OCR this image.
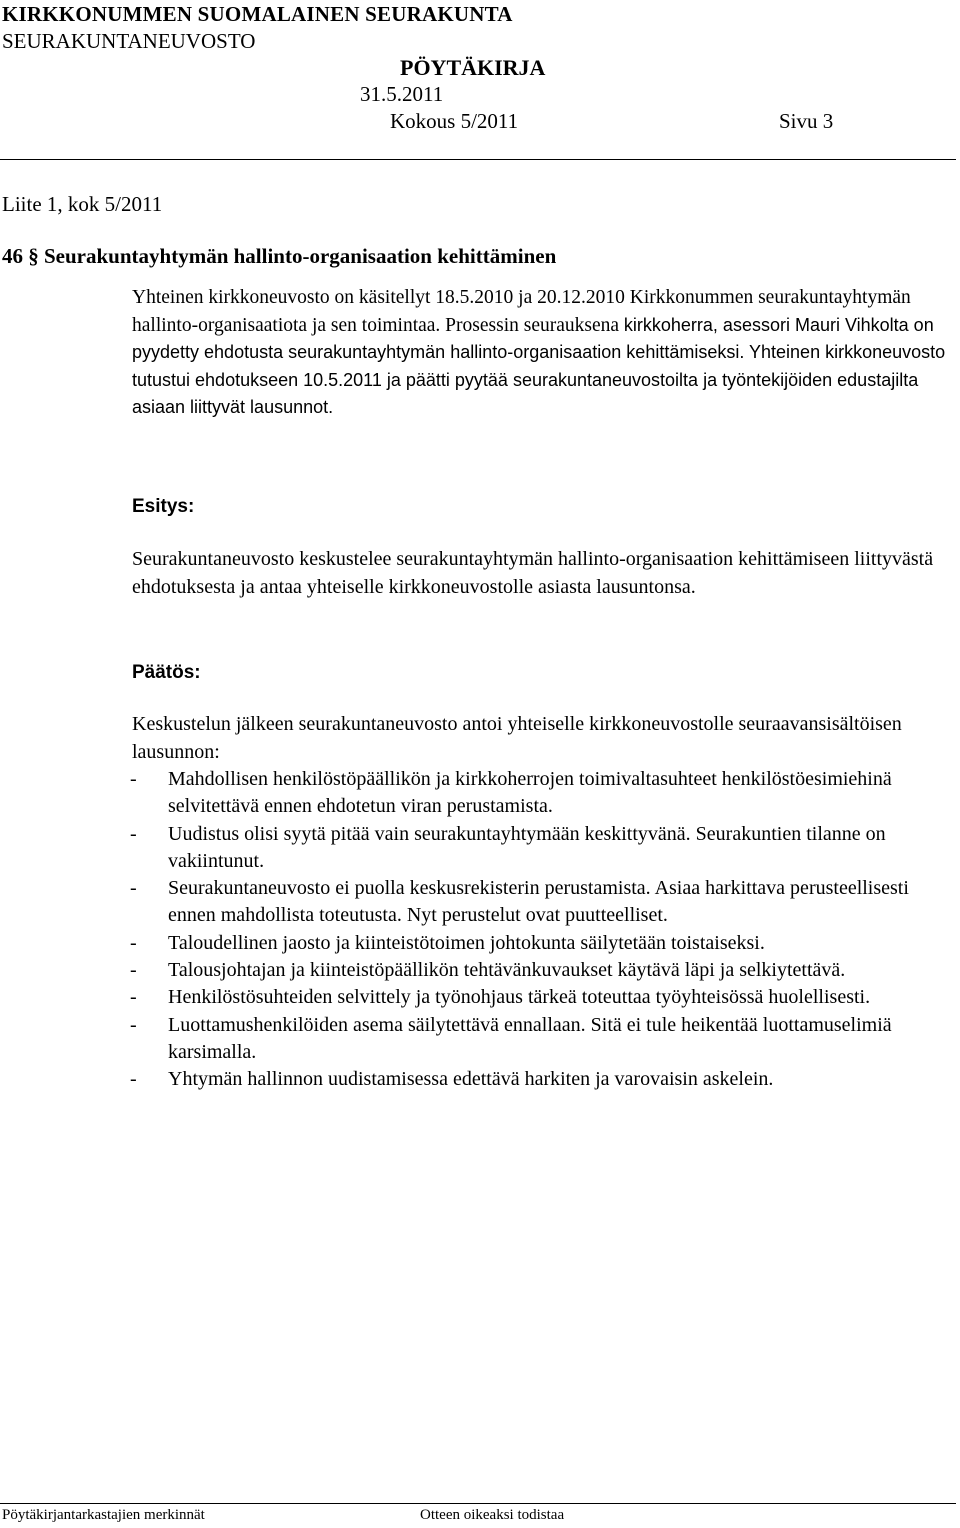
KIRKKONUMMEN SUOMALAINEN SEURAKUNTA
SEURAKUNTANEUVOSTO
PÖYTÄKIRJA
31.5.2011
Kokous 5/2011	Sivu 3
Liite 1, kok 5/2011
46 § Seurakuntayhtymän hallinto-organisaation kehittäminen
Yhteinen kirkkoneuvosto on käsitellyt 18.5.2010 ja 20.12.2010 Kirkkonummen seurakuntayhtymän hallinto-organisaatiota ja sen toimintaa. Prosessin seurauksena kirkkoherra, asessori Mauri Vihkolta on pyydetty ehdotusta seurakuntayhtymän hallinto-organisaation kehittämiseksi. Yhteinen kirkkoneuvosto tutustui ehdotukseen 10.5.2011 ja päätti pyytää seurakuntaneuvostoilta ja työntekijöiden edustajilta asiaan liittyvät lausunnot.
Esitys:
Seurakuntaneuvosto keskustelee seurakuntayhtymän hallinto-organisaation kehittämiseen liittyvästä ehdotuksesta ja antaa yhteiselle kirkkoneuvostolle asiasta lausuntonsa.
Päätös:
Keskustelun jälkeen seurakuntaneuvosto antoi yhteiselle kirkkoneuvostolle seuraavansisältöisen lausunnon:
- Mahdollisen henkilöstöpäällikön ja kirkkoherrojen toimivaltasuhteet henkilöstöesimiehinä selvitettävä ennen ehdotetun viran perustamista.
- Uudistus olisi syytä pitää vain seurakuntayhtymään keskittyvänä. Seurakuntien tilanne on vakiintunut.
- Seurakuntaneuvosto ei puolla keskusrekisterin perustamista. Asiaa harkittava perusteellisesti ennen mahdollista toteutusta. Nyt perustelut ovat puutteelliset.
- Taloudellinen jaosto ja kiinteistötoimen johtokunta säilytetään toistaiseksi.
- Talousjohtajan ja kiinteistöpäällikön tehtävänkuvaukset käytävä läpi ja selkiytettävä.
- Henkilöstösuhteiden selvittely ja työnohjaus tärkeä toteuttaa työyhteisössä huolellisesti.
- Luottamushenkilöiden asema säilytettävä ennallaan. Sitä ei tule heikentää luottamuselimiä karsimalla.
- Yhtymän hallinnon uudistamisessa edettävä harkiten ja varovaisin askelein.
Pöytäkirjantarkastajien merkinnät	Otteen oikeaksi todistaa
